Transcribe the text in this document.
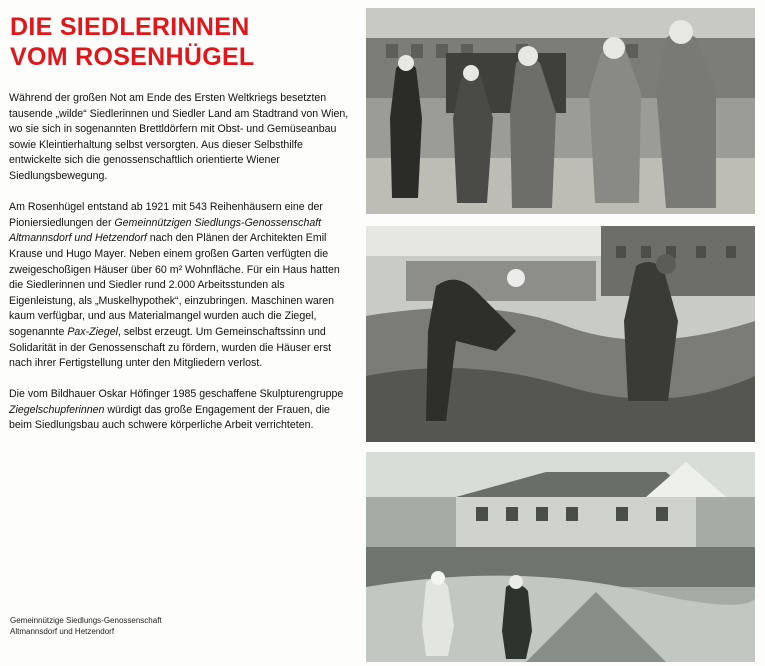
DIE SIEDLERINNEN
VOM ROSENHÜGEL

Während der großen Not am Ende des Ersten Weltkriegs besetzten tausende „wilde“ Siedlerinnen und Siedler Land am Stadtrand von Wien, wo sie sich in sogenannten Brettldörfern mit Obst- und Gemüseanbau sowie Kleintierhaltung selbst versorgten. Aus dieser Selbsthilfe entwickelte sich die genossenschaftlich orientierte Wiener Siedlungsbewegung.

Am Rosenhügel entstand ab 1921 mit 543 Reihenhäusern eine der Pioniersiedlungen der Gemeinnützigen Siedlungs-Genossenschaft Altmannsdorf und Hetzendorf nach den Plänen der Architekten Emil Krause und Hugo Mayer. Neben einem großen Garten verfügten die zweigeschoßigen Häuser über 60 m² Wohnfläche. Für ein Haus hatten die Siedlerinnen und Siedler rund 2.000 Arbeitsstunden als Eigenleistung, als „Muskelhypothek“, einzubringen. Maschinen waren kaum verfügbar, und aus Materialmangel wurden auch die Ziegel, sogenannte Pax-Ziegel, selbst erzeugt. Um Gemeinschaftssinn und Solidarität in der Genossenschaft zu fördern, wurden die Häuser erst nach ihrer Fertigstellung unter den Mitgliedern verlost.

Die vom Bildhauer Oskar Höfinger 1985 geschaffene Skulpturengruppe Ziegelschupferinnen würdigt das große Engagement der Frauen, die beim Siedlungsbau auch schwere körperliche Arbeit verrichteten.

Gemeinnützige Siedlungs-Genossenschaft
Altmannsdorf und Hetzendorf
